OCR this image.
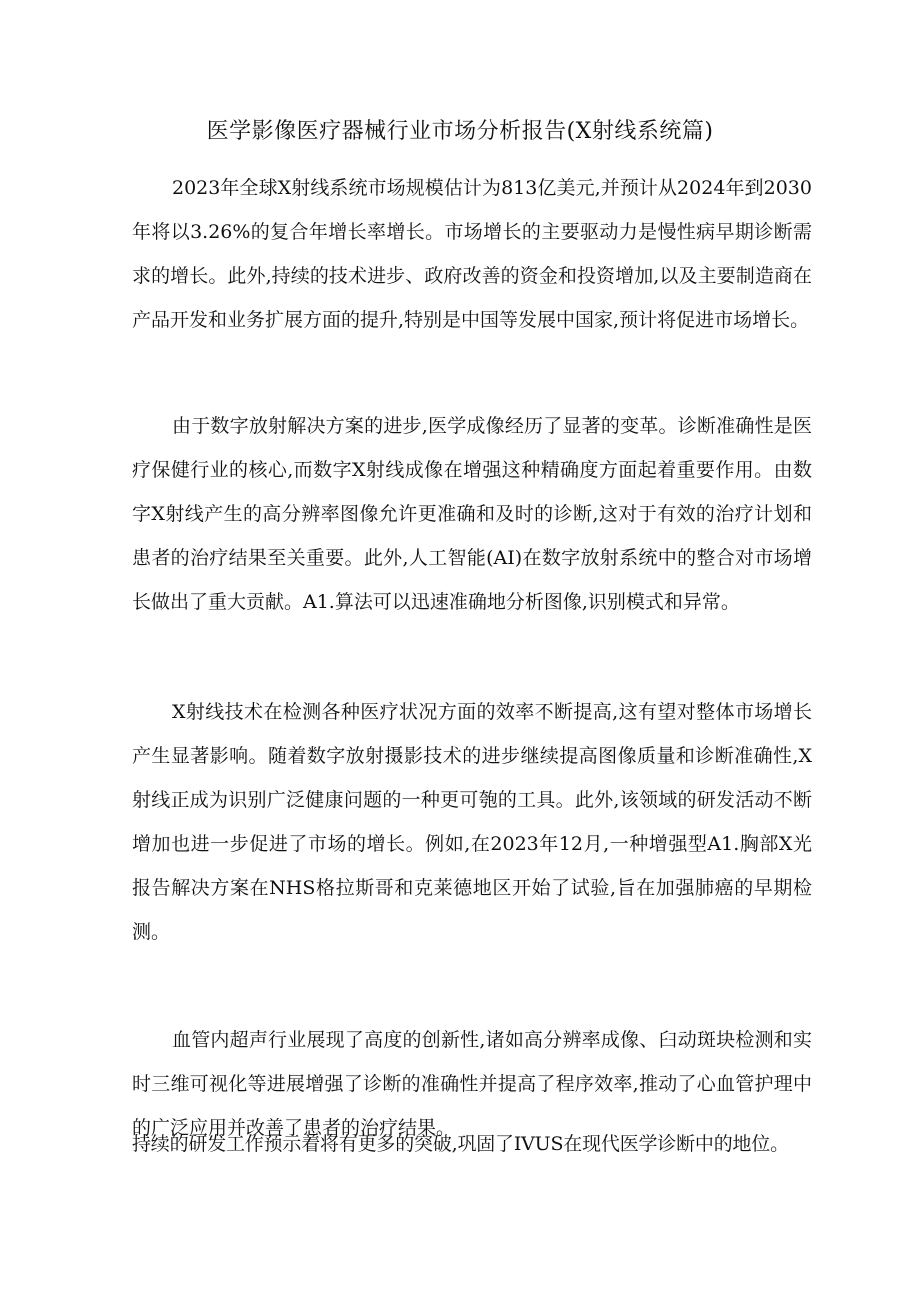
医学影像医疗器械行业市场分析报告(X射线系统篇)

2023年全球X射线系统市场规模估计为813亿美元,并预计从2024年到2030年将以3.26%的复合年增长率增长。市场增长的主要驱动力是慢性病早期诊断需求的增长。此外,持续的技术进步、政府改善的资金和投资增加,以及主要制造商在产品开发和业务扩展方面的提升,特别是中国等发展中国家,预计将促进市场增长。

由于数字放射解决方案的进步,医学成像经历了显著的变革。诊断准确性是医疗保健行业的核心,而数字X射线成像在增强这种精确度方面起着重要作用。由数字X射线产生的高分辨率图像允许更准确和及时的诊断,这对于有效的治疗计划和患者的治疗结果至关重要。此外,人工智能(AI)在数字放射系统中的整合对市场增长做出了重大贡献。A1.算法可以迅速准确地分析图像,识别模式和异常。

X射线技术在检测各种医疗状况方面的效率不断提高,这有望对整体市场增长产生显著影响。随着数字放射摄影技术的进步继续提高图像质量和诊断准确性,X射线正成为识别广泛健康问题的一种更可匏的工具。此外,该领域的研发活动不断增加也进一步促进了市场的增长。例如,在2023年12月,一种增强型A1.胸部X光报告解决方案在NHS格拉斯哥和克莱德地区开始了试验,旨在加强肺癌的早期检测。

血管内超声行业展现了高度的创新性,诸如高分辨率成像、臼动斑块检测和实时三维可视化等进展增强了诊断的准确性并提高了程序效率,推动了心血管护理中的广泛应用并改善了患者的治疗结果。

持续的研发工作预示着将有更多的突破,巩固了IVUS在现代医学诊断中的地位。
